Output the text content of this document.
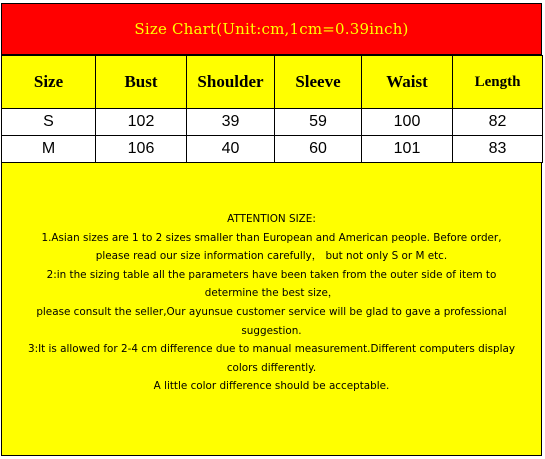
Size Chart(Unit:cm,1cm=0.39inch)
Size	Bust	Shoulder	Sleeve	Waist	Length
S	102	39	59	100	82
M	106	40	60	101	83
ATTENTION SIZE:
1.Asian sizes are 1 to 2 sizes smaller than European and American people. Before order,
please read our size information carefully， but not only S or M etc.
2:in the sizing table all the parameters have been taken from the outer side of item to
determine the best size，
please consult the seller,Our ayunsue customer service will be glad to gave a professional
suggestion.
3:It is allowed for 2-4 cm difference due to manual measurement.Different computers display
colors differently.
A little color difference should be acceptable.
